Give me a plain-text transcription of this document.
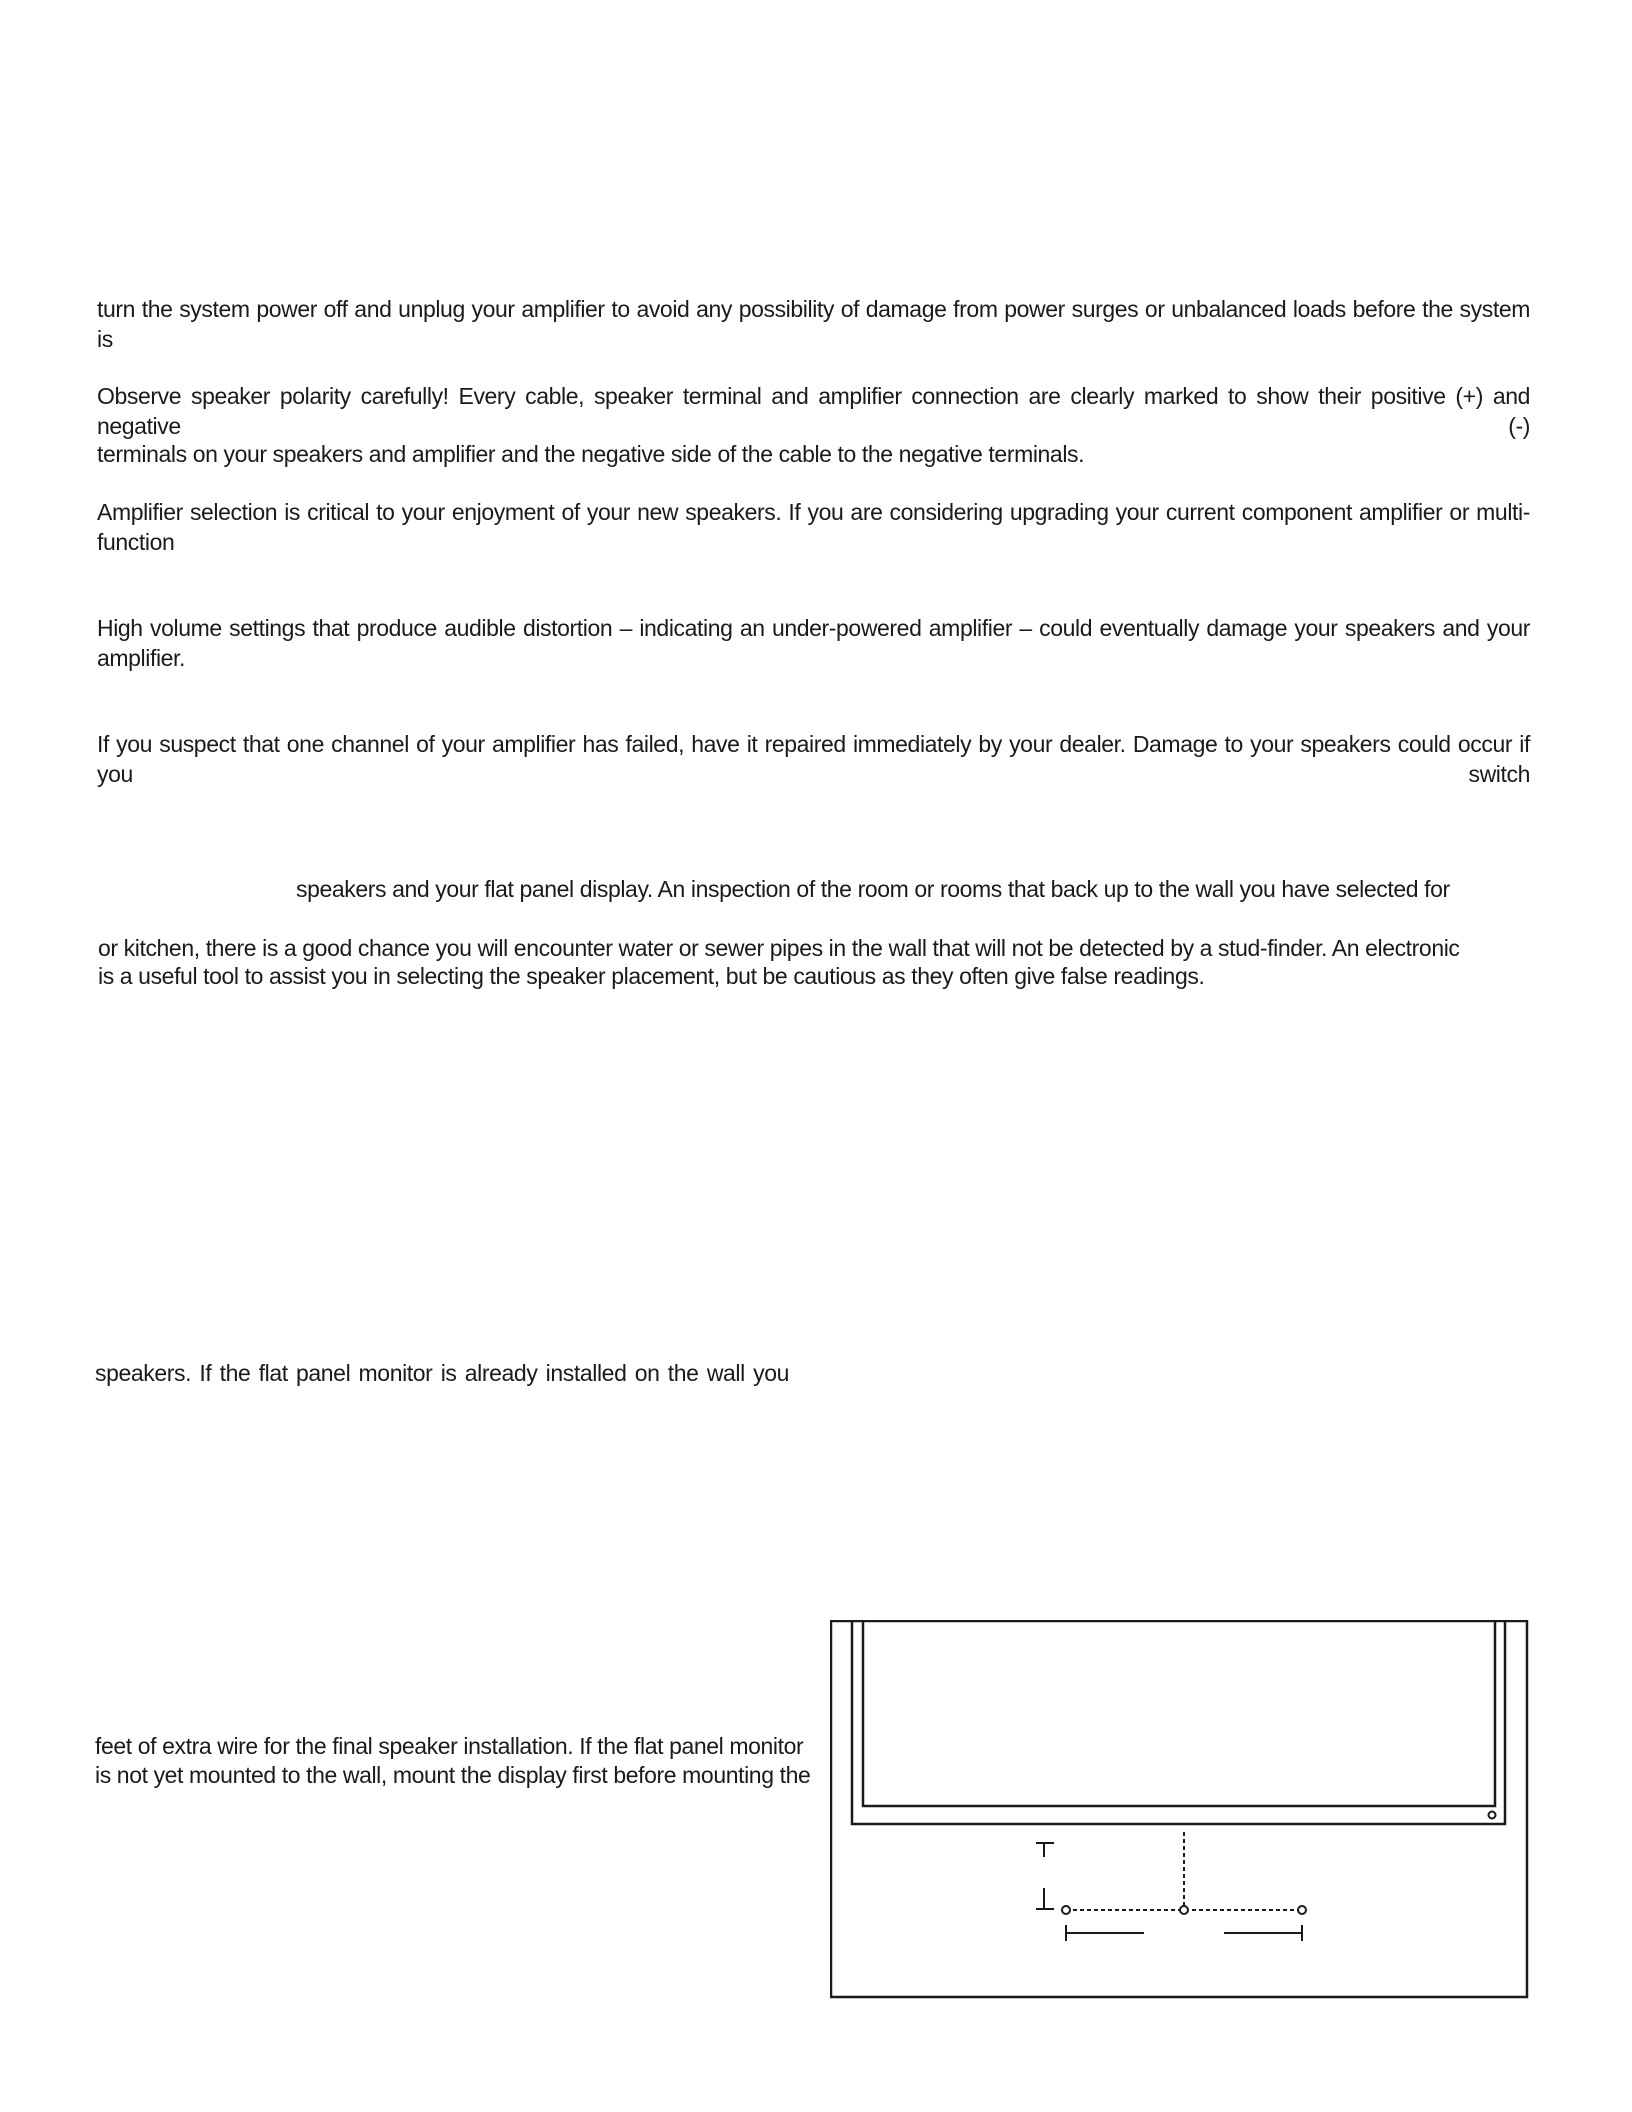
turn the system power off and unplug your amplifier to avoid any possibility of damage from power surges or unbalanced loads before the system is
Observe speaker polarity carefully! Every cable, speaker terminal and amplifier connection are clearly marked to show their positive (+) and negative (-)
terminals on your speakers and amplifier and the negative side of the cable to the negative terminals.
Amplifier selection is critical to your enjoyment of your new speakers. If you are considering upgrading your current component amplifier or multi-function
High volume settings that produce audible distortion – indicating an under-powered amplifier – could eventually damage your speakers and your amplifier.
If you suspect that one channel of your amplifier has failed, have it repaired immediately by your dealer. Damage to your speakers could occur if you switch
speakers and your flat panel display. An inspection of the room or rooms that back up to the wall you have selected for
or kitchen, there is a good chance you will encounter water or sewer pipes in the wall that will not be detected by a stud-finder. An electronic
is a useful tool to assist you in selecting the speaker placement, but be cautious as they often give false readings.
speakers. If the flat panel monitor is already installed on the wall you
feet of extra wire for the final speaker installation. If the flat panel monitor
is not yet mounted to the wall, mount the display first before mounting the
